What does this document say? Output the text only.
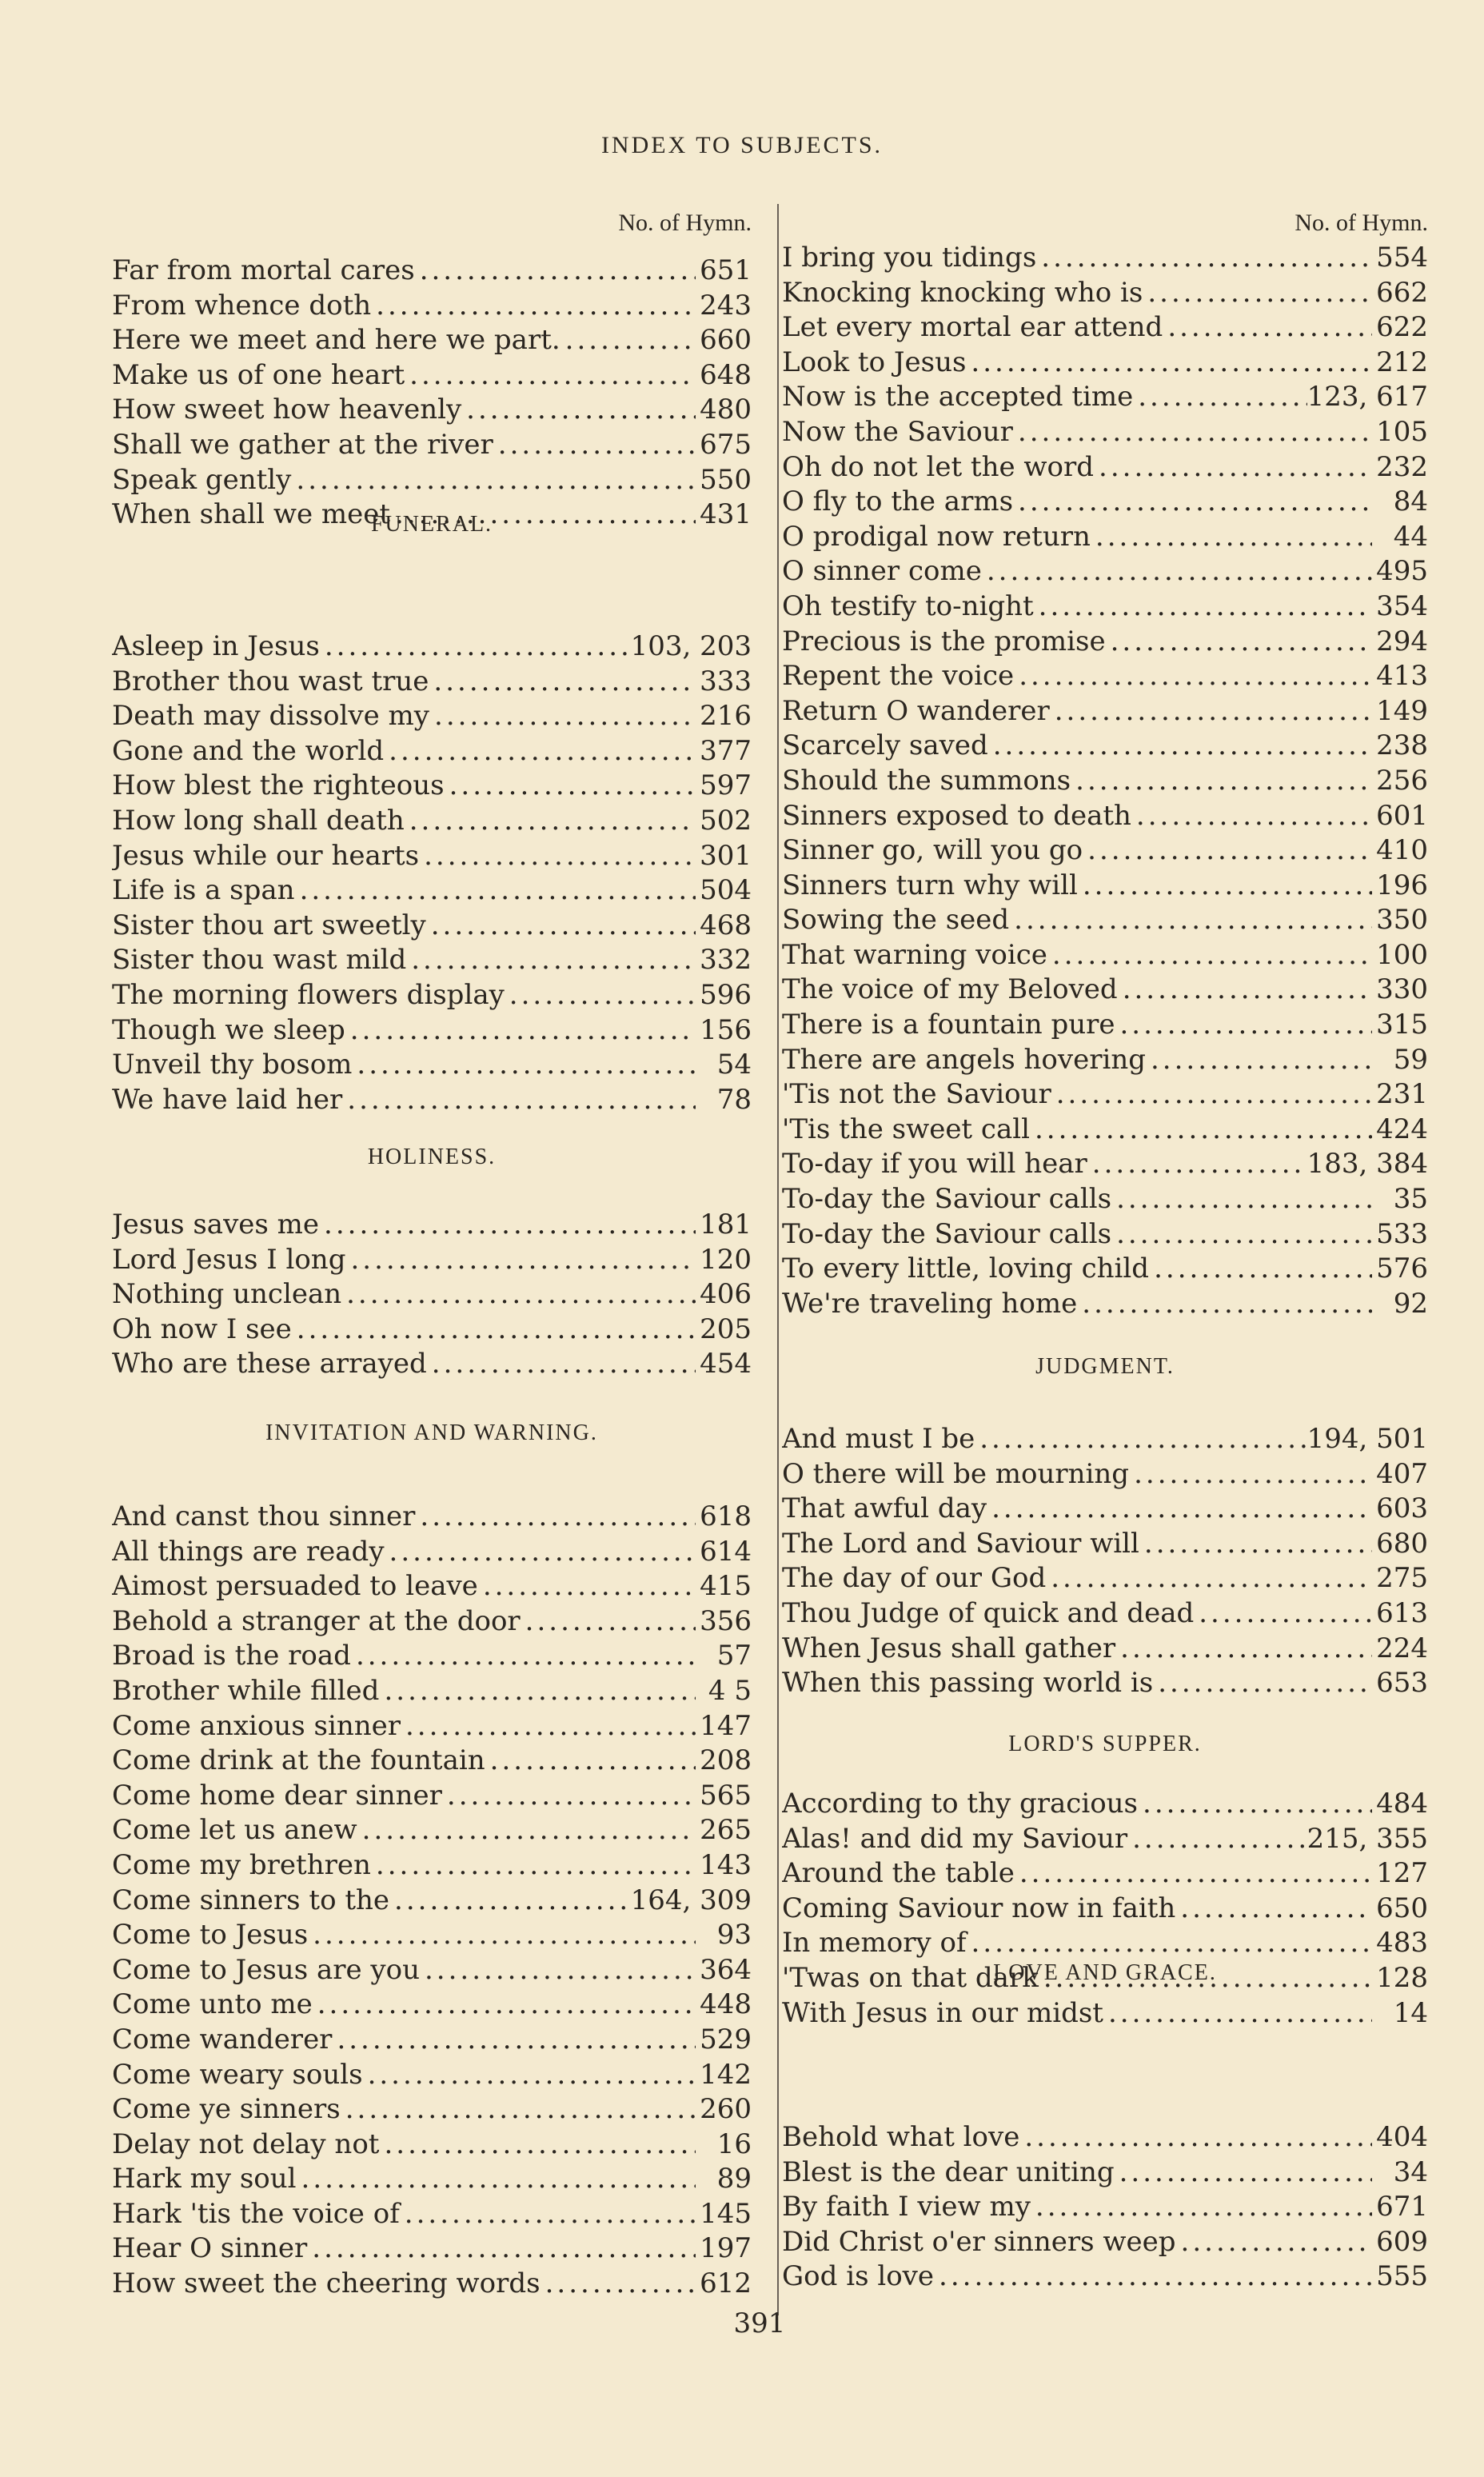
INDEX TO SUBJECTS.
No. of Hymn.	No. of Hymn.
Far from mortal cares .....	651
From whence doth .....	243
Here we meet and here we part. .....	660
Make us of one heart .....	648
How sweet how heavenly .....	480
Shall we gather at the river .....	675
Speak gently .....	550
When shall we meet .....	431
FUNERAL.
Asleep in Jesus .....	103, 203
Brother thou wast true .....	333
Death may dissolve my .....	216
Gone and the world .....	377
How blest the righteous .....	597
How long shall death .....	502
Jesus while our hearts .....	301
Life is a span .....	504
Sister thou art sweetly .....	468
Sister thou wast mild .....	332
The morning flowers display .....	596
Though we sleep .....	156
Unveil thy bosom .....	54
We have laid her .....	78
HOLINESS.
Jesus saves me .....	181
Lord Jesus I long .....	120
Nothing unclean .....	406
Oh now I see .....	205
Who are these arrayed .....	454
INVITATION AND WARNING.
And canst thou sinner .....	618
All things are ready .....	614
Aimost persuaded to leave .....	415
Behold a stranger at the door .....	356
Broad is the road .....	57
Brother while filled .....	4 5
Come anxious sinner .....	147
Come drink at the fountain .....	208
Come home dear sinner .....	565
Come let us anew .....	265
Come my brethren .....	143
Come sinners to the .....	164, 309
Come to Jesus .....	93
Come to Jesus are you .....	364
Come unto me .....	448
Come wanderer .....	529
Come weary souls .....	142
Come ye sinners .....	260
Delay not delay not .....	16
Hark my soul .....	89
Hark 'tis the voice of .....	145
Hear O sinner .....	197
How sweet the cheering words .....	612
I bring you tidings .....	554
Knocking knocking who is .....	662
Let every mortal ear attend .....	622
Look to Jesus .....	212
Now is the accepted time .....	123, 617
Now the Saviour .....	105
Oh do not let the word .....	232
O fly to the arms .....	84
O prodigal now return .....	44
O sinner come .....	495
Oh testify to-night .....	354
Precious is the promise .....	294
Repent the voice .....	413
Return O wanderer .....	149
Scarcely saved .....	238
Should the summons .....	256
Sinners exposed to death .....	601
Sinner go, will you go .....	410
Sinners turn why will .....	196
Sowing the seed .....	350
That warning voice .....	100
The voice of my Beloved .....	330
There is a fountain pure .....	315
There are angels hovering .....	59
'Tis not the Saviour .....	231
'Tis the sweet call .....	424
To-day if you will hear .....	183, 384
To-day the Saviour calls .....	35
To-day the Saviour calls .....	533
To every little, loving child .....	576
We're traveling home .....	92
JUDGMENT.
And must I be .....	194, 501
O there will be mourning .....	407
That awful day .....	603
The Lord and Saviour will .....	680
The day of our God .....	275
Thou Judge of quick and dead .....	613
When Jesus shall gather .....	224
When this passing world is .....	653
LORD'S SUPPER.
According to thy gracious .....	484
Alas! and did my Saviour .....	215, 355
Around the table .....	127
Coming Saviour now in faith .....	650
In memory of .....	483
'Twas on that dark .....	128
With Jesus in our midst .....	14
LOVE AND GRACE.
Behold what love .....	404
Blest is the dear uniting .....	34
By faith I view my .....	671
Did Christ o'er sinners weep .....	609
God is love .....	555
391
